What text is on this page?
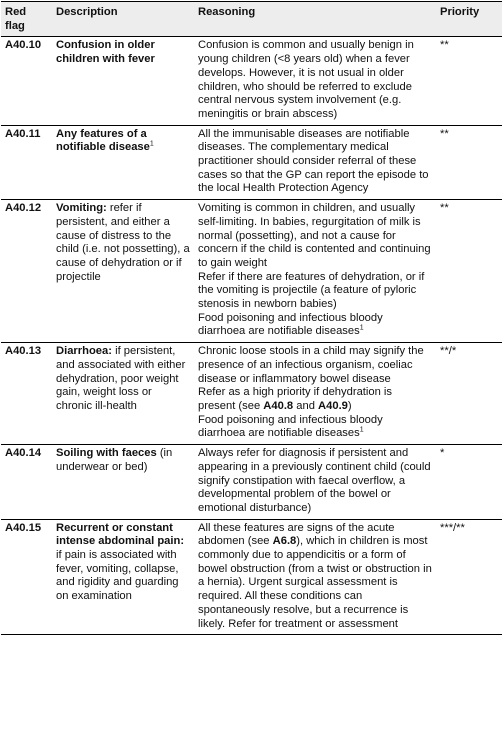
Red flag	Description	Reasoning	Priority
A40.10	Confusion in older children with fever	Confusion is common and usually benign in young children (<8 years old) when a fever develops. However, it is not usual in older children, who should be referred to exclude central nervous system involvement (e.g. meningitis or brain abscess)	**
A40.11	Any features of a notifiable disease$^1$	All the immunisable diseases are notifiable diseases. The complementary medical practitioner should consider referral of these cases so that the GP can report the episode to the local Health Protection Agency	**
A40.12	Vomiting: refer if persistent, and either a cause of distress to the child (i.e. not possetting), a cause of dehydration or if projectile	Vomiting is common in children, and usually self-limiting. In babies, regurgitation of milk is normal (possetting), and not a cause for concern if the child is contented and continuing to gain weight
Refer if there are features of dehydration, or if the vomiting is projectile (a feature of pyloric stenosis in newborn babies)
Food poisoning and infectious bloody diarrhoea are notifiable diseases$^1$	**
A40.13	Diarrhoea: if persistent, and associated with either dehydration, poor weight gain, weight loss or chronic ill-health	Chronic loose stools in a child may signify the presence of an infectious organism, coeliac disease or inflammatory bowel disease
Refer as a high priority if dehydration is present (see A40.8 and A40.9)
Food poisoning and infectious bloody diarrhoea are notifiable diseases$^1$	**/*
A40.14	Soiling with faeces (in underwear or bed)	Always refer for diagnosis if persistent and appearing in a previously continent child (could signify constipation with faecal overflow, a developmental problem of the bowel or emotional disturbance)	*
A40.15	Recurrent or constant intense abdominal pain: if pain is associated with fever, vomiting, collapse, and rigidity and guarding on examination	All these features are signs of the acute abdomen (see A6.8), which in children is most commonly due to appendicitis or a form of bowel obstruction (from a twist or obstruction in a hernia). Urgent surgical assessment is required. All these conditions can spontaneously resolve, but a recurrence is likely. Refer for treatment or assessment	***/**
